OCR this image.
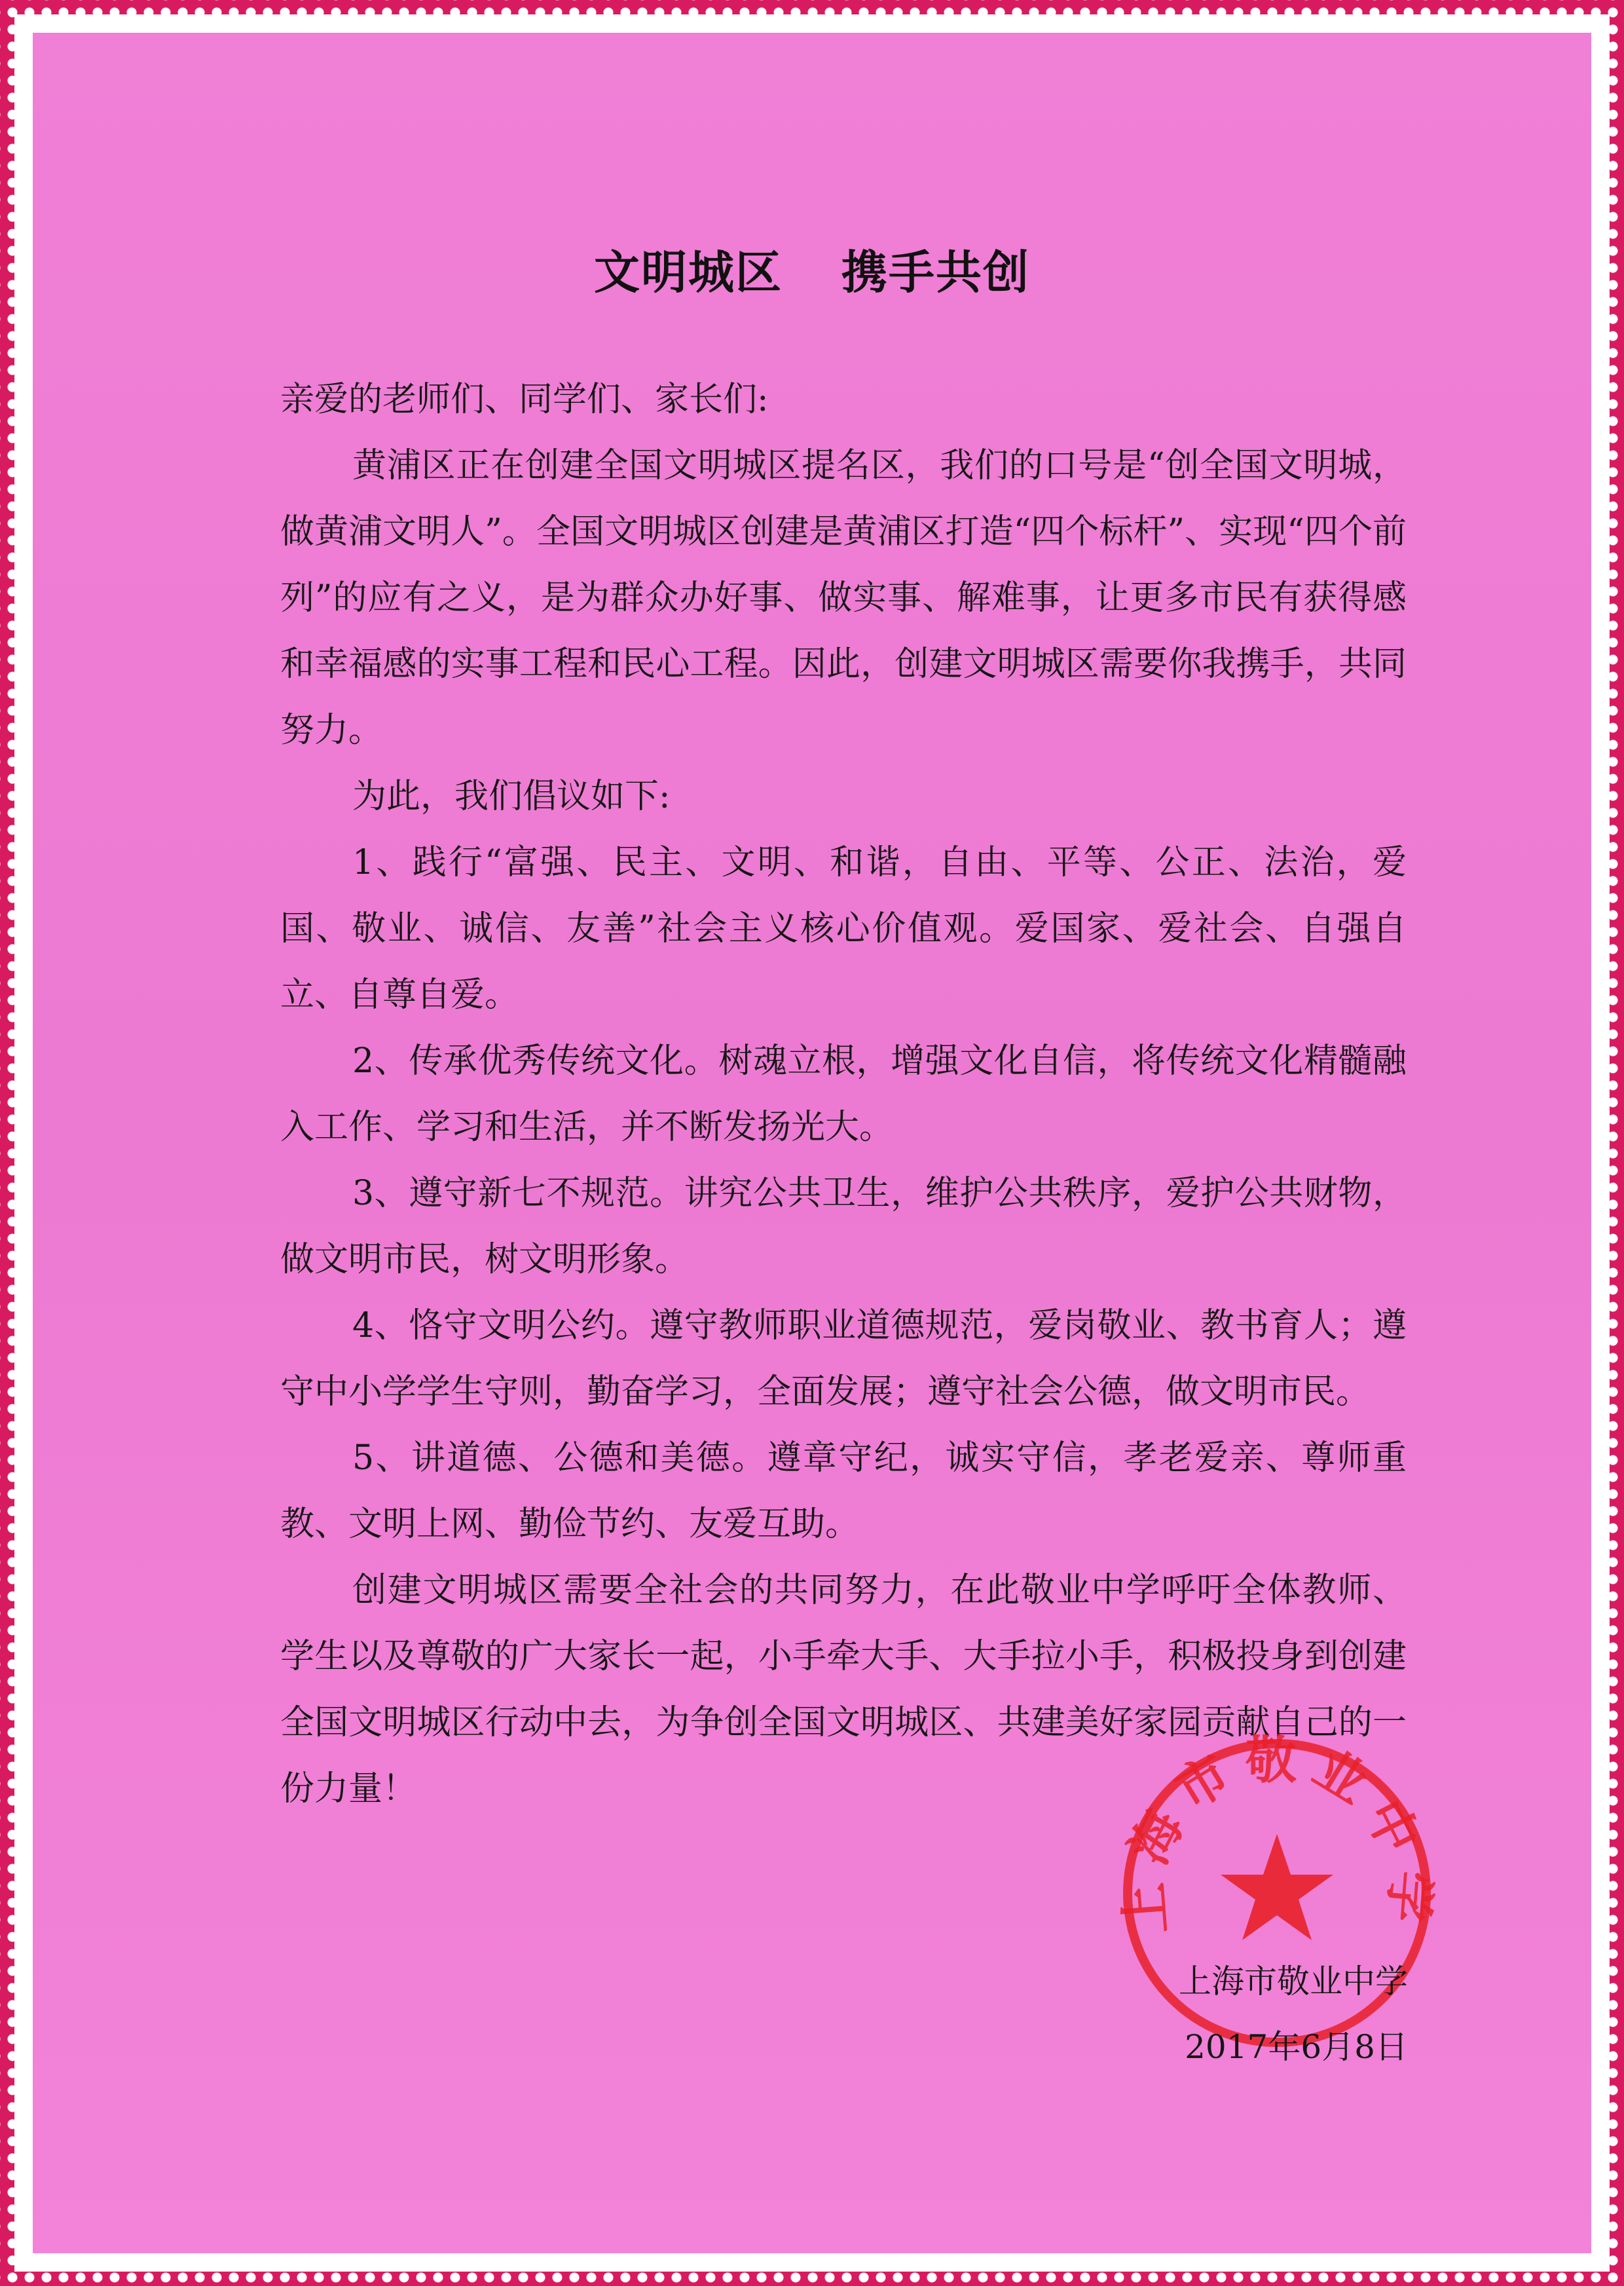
文明城区 携手共创

亲爱的老师们、同学们、家长们:

黄浦区正在创建全国文明城区提名区，我们的口号是“创全国文明城，做黄浦文明人”。全国文明城区创建是黄浦区打造“四个标杆”、实现“四个前列”的应有之义，是为群众办好事、做实事、解难事，让更多市民有获得感和幸福感的实事工程和民心工程。因此，创建文明城区需要你我携手，共同努力。

为此，我们倡议如下:

1、践行“富强、民主、文明、和谐，自由、平等、公正、法治，爱国、敬业、诚信、友善”社会主义核心价值观。爱国家、爱社会、自强自立、自尊自爱。

2、传承优秀传统文化。树魂立根，增强文化自信，将传统文化精髓融入工作、学习和生活，并不断发扬光大。

3、遵守新七不规范。讲究公共卫生，维护公共秩序，爱护公共财物，做文明市民，树文明形象。

4、恪守文明公约。遵守教师职业道德规范，爱岗敬业、教书育人；遵守中小学学生守则，勤奋学习，全面发展；遵守社会公德，做文明市民。

5、讲道德、公德和美德。遵章守纪，诚实守信，孝老爱亲、尊师重教、文明上网、勤俭节约、友爱互助。

创建文明城区需要全社会的共同努力，在此敬业中学呼吁全体教师、学生以及尊敬的广大家长一起，小手牵大手、大手拉小手，积极投身到创建全国文明城区行动中去，为争创全国文明城区、共建美好家园贡献自己的一份力量！

上海市敬业中学
上海市敬业中学
2017年6月8日
